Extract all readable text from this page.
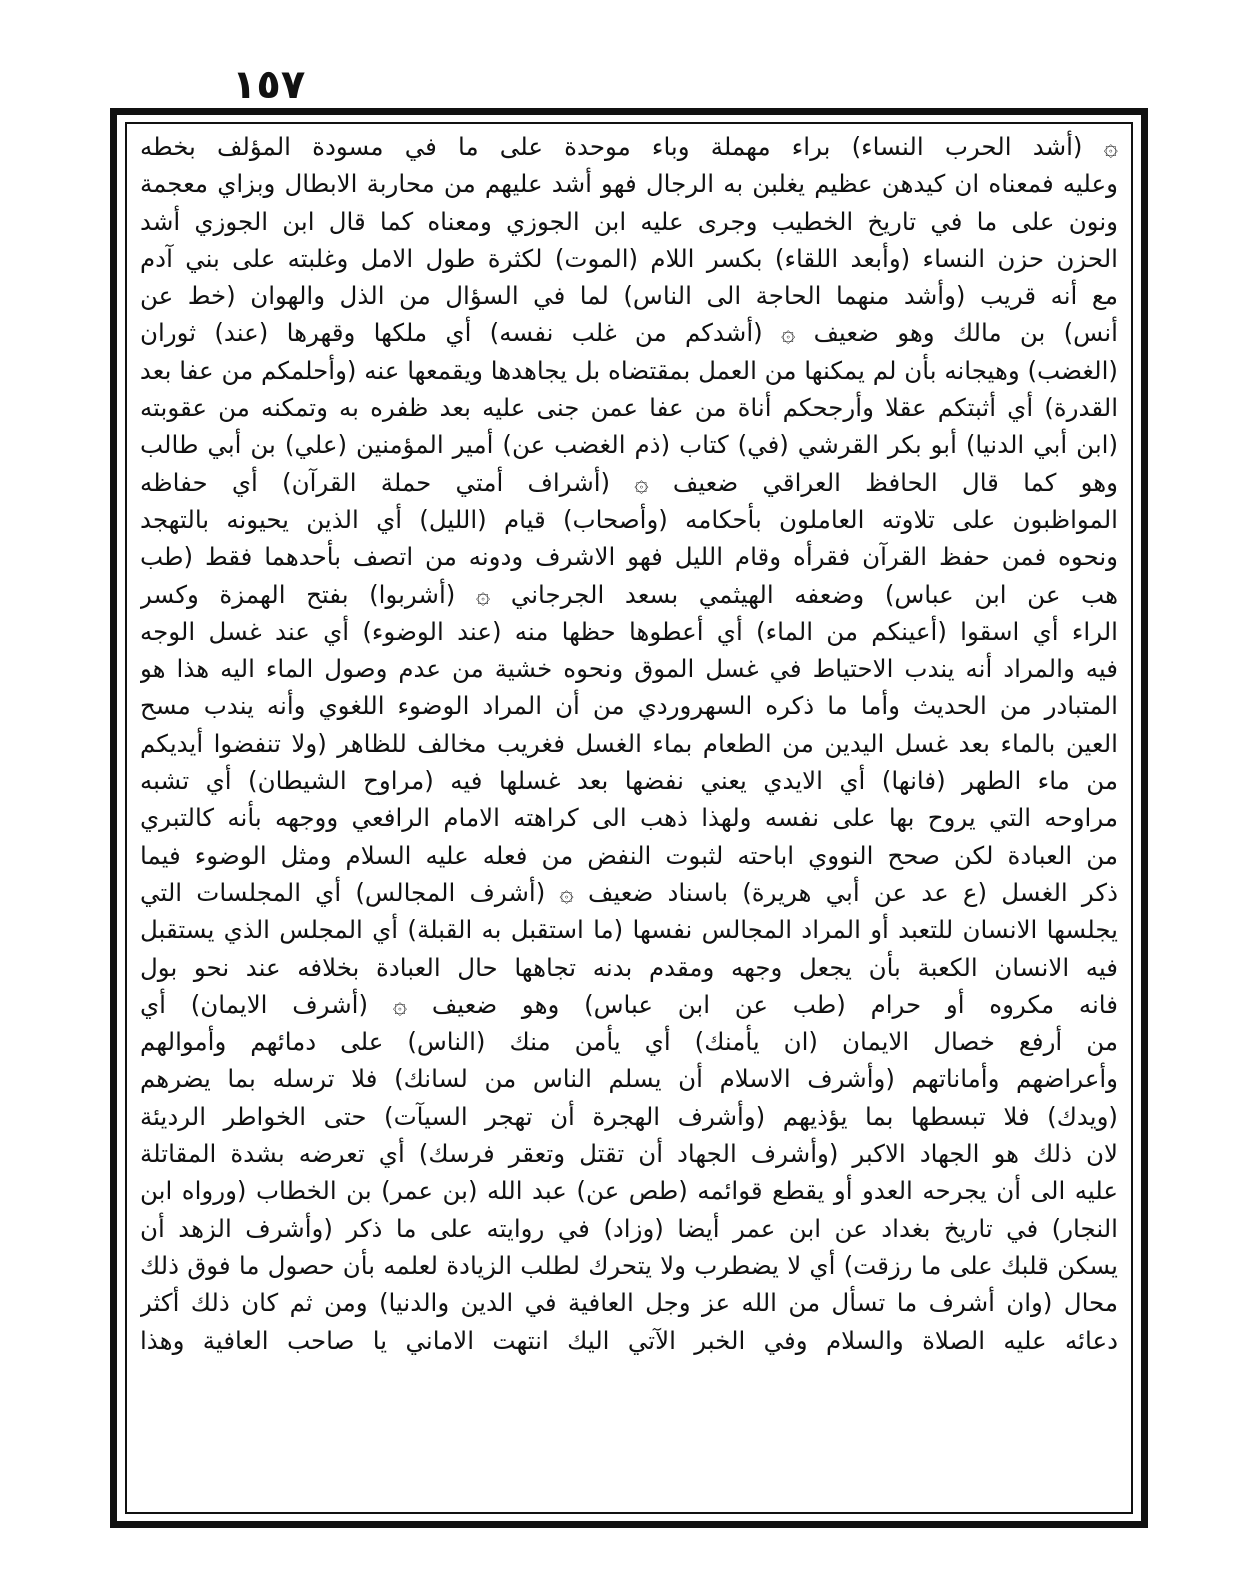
١٥٧
۞ (أشد الحرب النساء) براء مهملة وباء موحدة على ما في مسودة المؤلف بخطه
وعليه فمعناه ان كيدهن عظيم يغلبن به الرجال فهو أشد عليهم من محاربة الابطال وبزاي معجمة
ونون على ما في تاريخ الخطيب وجرى عليه ابن الجوزي ومعناه كما قال ابن الجوزي أشد
الحزن حزن النساء (وأبعد اللقاء) بكسر اللام (الموت) لكثرة طول الامل وغلبته على بني آدم
مع أنه قريب (وأشد منهما الحاجة الى الناس) لما في السؤال من الذل والهوان (خط عن
أنس) بن مالك وهو ضعيف ۞ (أشدكم من غلب نفسه) أي ملكها وقهرها (عند) ثوران
(الغضب) وهيجانه بأن لم يمكنها من العمل بمقتضاه بل يجاهدها ويقمعها عنه (وأحلمكم من عفا بعد
القدرة) أي أثبتكم عقلا وأرجحكم أناة من عفا عمن جنى عليه بعد ظفره به وتمكنه من عقوبته
(ابن أبي الدنيا) أبو بكر القرشي (في) كتاب (ذم الغضب عن) أمير المؤمنين (علي) بن أبي طالب
وهو كما قال الحافظ العراقي ضعيف ۞ (أشراف أمتي حملة القرآن) أي حفاظه
المواظبون على تلاوته العاملون بأحكامه (وأصحاب) قيام (الليل) أي الذين يحيونه بالتهجد
ونحوه فمن حفظ القرآن فقرأه وقام الليل فهو الاشرف ودونه من اتصف بأحدهما فقط (طب
هب عن ابن عباس) وضعفه الهيثمي بسعد الجرجاني ۞ (أشربوا) بفتح الهمزة وكسر
الراء أي اسقوا (أعينكم من الماء) أي أعطوها حظها منه (عند الوضوء) أي عند غسل الوجه
فيه والمراد أنه يندب الاحتياط في غسل الموق ونحوه خشية من عدم وصول الماء اليه هذا هو
المتبادر من الحديث وأما ما ذكره السهروردي من أن المراد الوضوء اللغوي وأنه يندب مسح
العين بالماء بعد غسل اليدين من الطعام بماء الغسل فغريب مخالف للظاهر (ولا تنفضوا أيديكم
من ماء الطهر (فانها) أي الايدي يعني نفضها بعد غسلها فيه (مراوح الشيطان) أي تشبه
مراوحه التي يروح بها على نفسه ولهذا ذهب الى كراهته الامام الرافعي ووجهه بأنه كالتبري
من العبادة لكن صحح النووي اباحته لثبوت النفض من فعله عليه السلام ومثل الوضوء فيما
ذكر الغسل (ع عد عن أبي هريرة) باسناد ضعيف ۞ (أشرف المجالس) أي المجلسات التي
يجلسها الانسان للتعبد أو المراد المجالس نفسها (ما استقبل به القبلة) أي المجلس الذي يستقبل
فيه الانسان الكعبة بأن يجعل وجهه ومقدم بدنه تجاهها حال العبادة بخلافه عند نحو بول
فانه مكروه أو حرام (طب عن ابن عباس) وهو ضعيف ۞ (أشرف الايمان) أي
من أرفع خصال الايمان (ان يأمنك) أي يأمن منك (الناس) على دمائهم وأموالهم
وأعراضهم وأماناتهم (وأشرف الاسلام أن يسلم الناس من لسانك) فلا ترسله بما يضرهم
(ويدك) فلا تبسطها بما يؤذيهم (وأشرف الهجرة أن تهجر السيآت) حتى الخواطر الرديئة
لان ذلك هو الجهاد الاكبر (وأشرف الجهاد أن تقتل وتعقر فرسك) أي تعرضه بشدة المقاتلة
عليه الى أن يجرحه العدو أو يقطع قوائمه (طص عن) عبد الله (بن عمر) بن الخطاب (ورواه ابن
النجار) في تاريخ بغداد عن ابن عمر أيضا (وزاد) في روايته على ما ذكر (وأشرف الزهد أن
يسكن قلبك على ما رزقت) أي لا يضطرب ولا يتحرك لطلب الزيادة لعلمه بأن حصول ما فوق ذلك
محال (وان أشرف ما تسأل من الله عز وجل العافية في الدين والدنيا) ومن ثم كان ذلك أكثر
دعائه عليه الصلاة والسلام وفي الخبر الآتي اليك انتهت الاماني يا صاحب العافية وهذا
